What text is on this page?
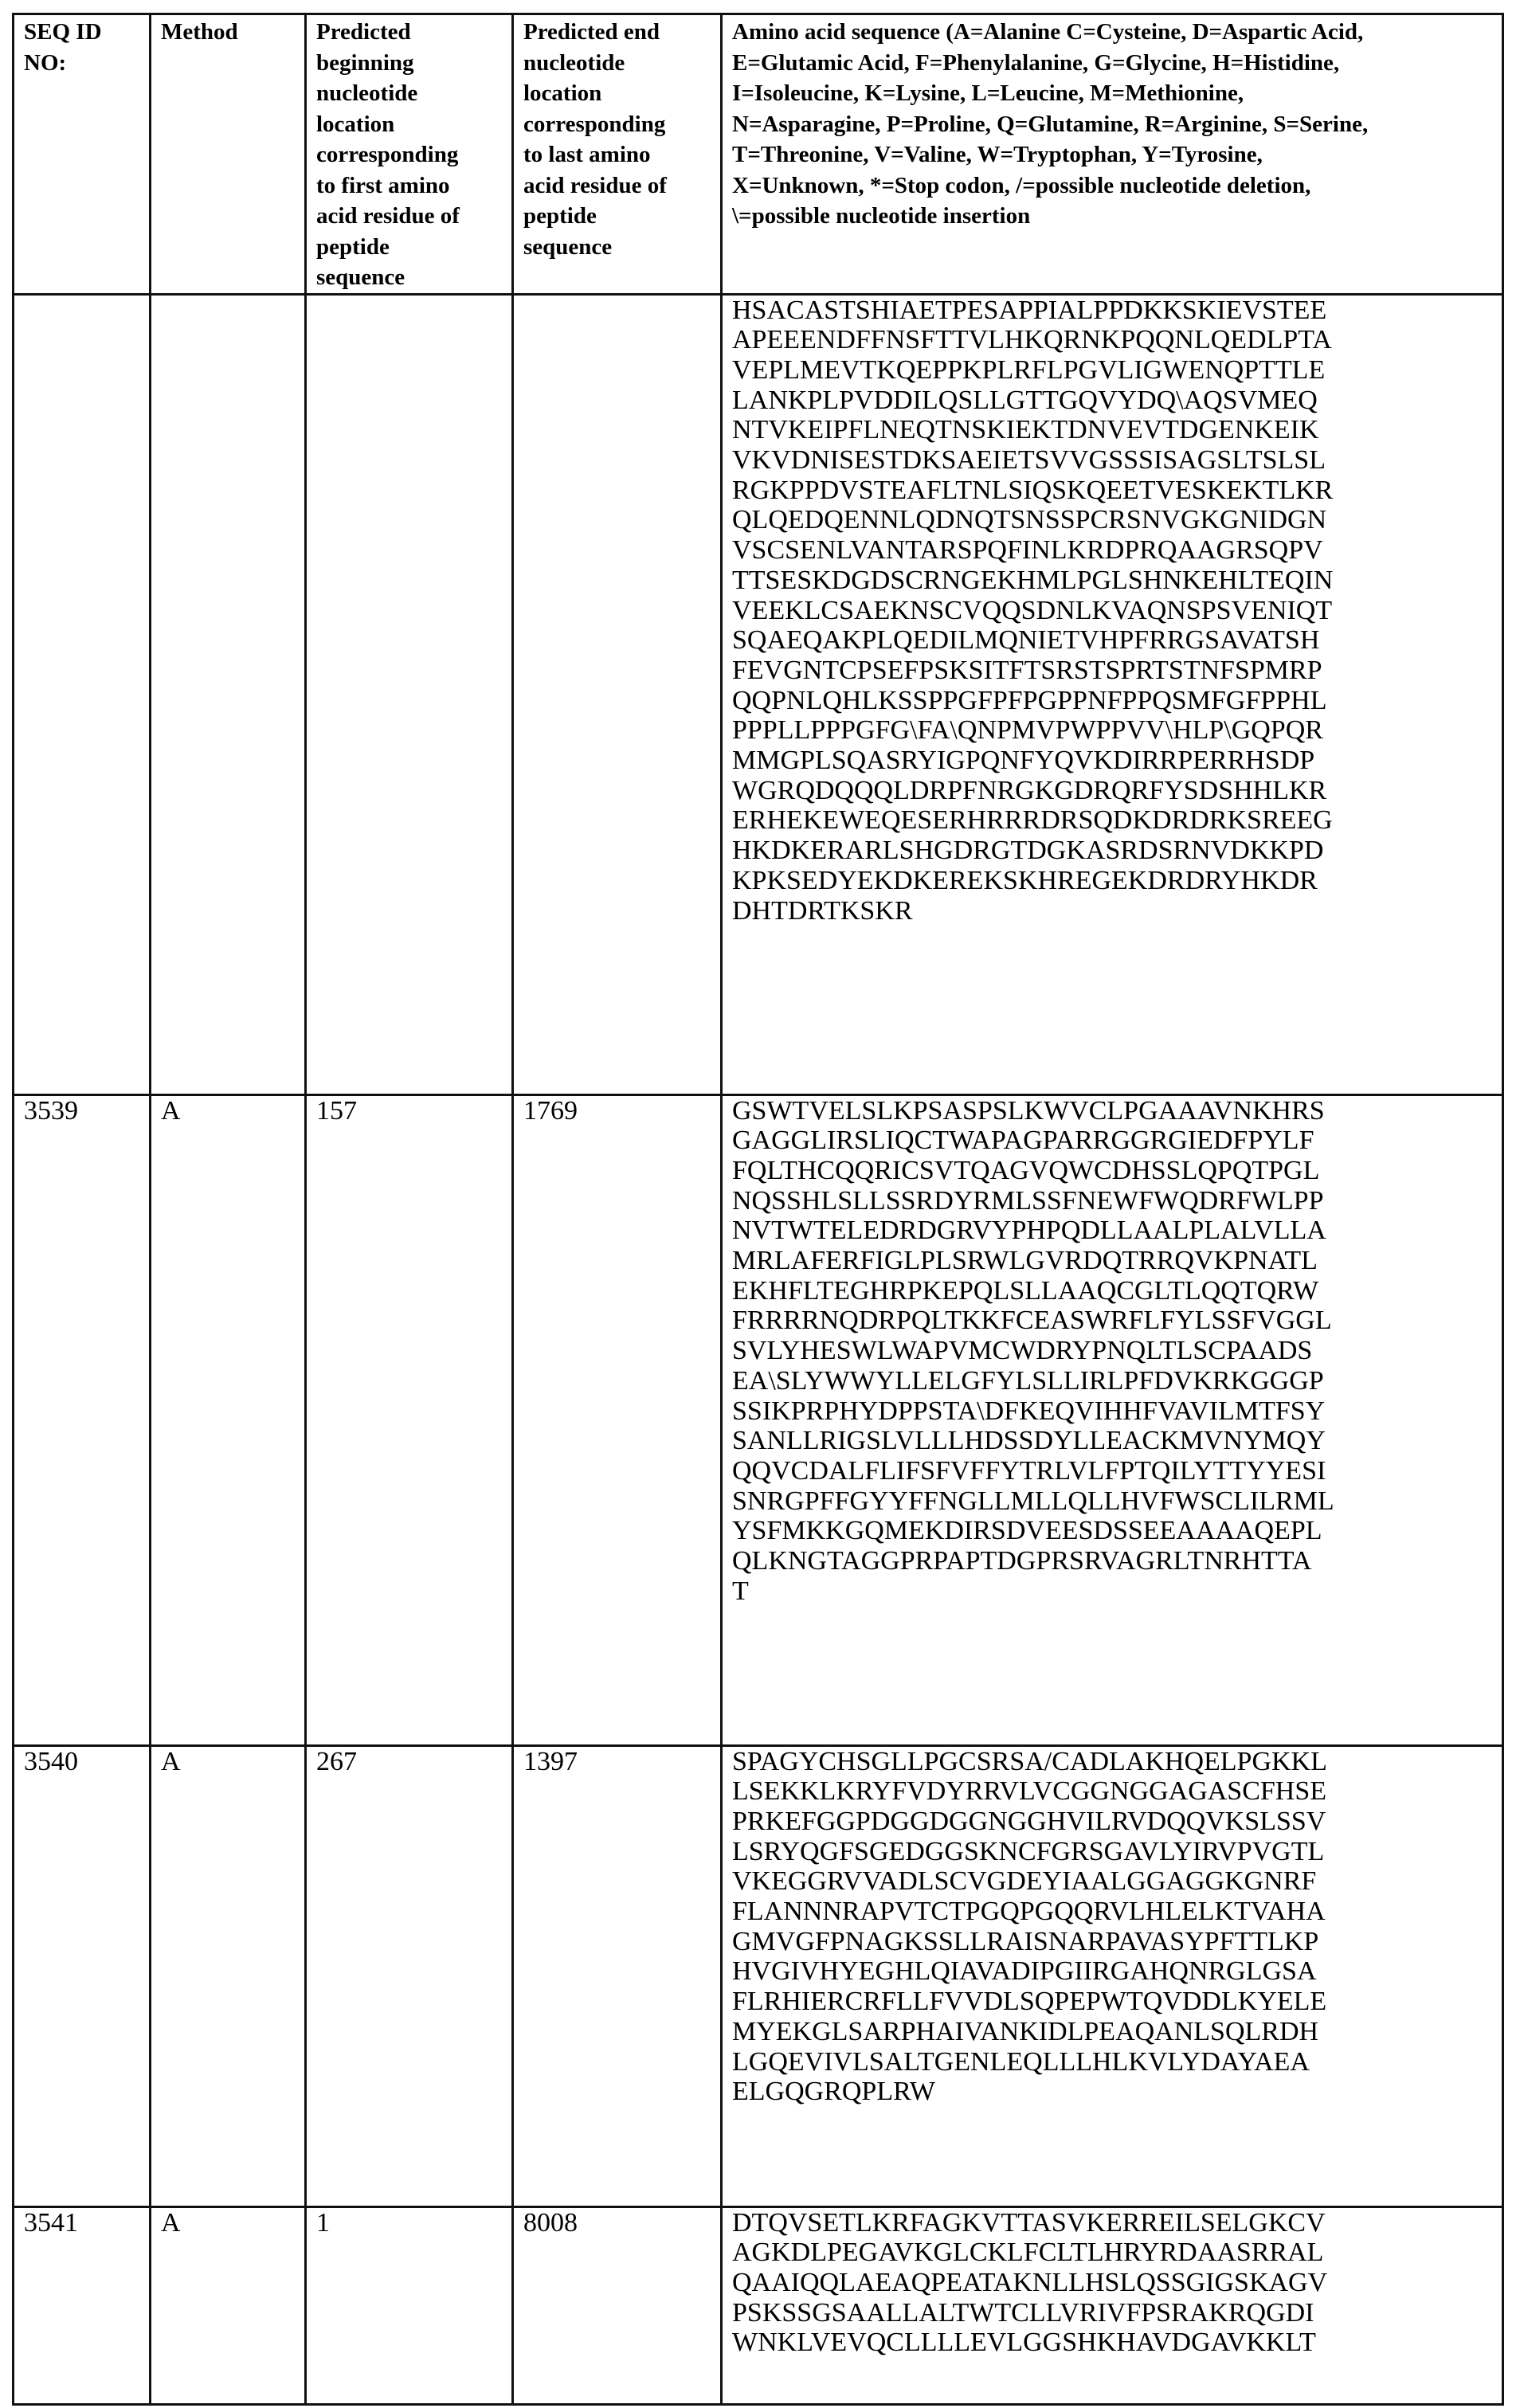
SEQ ID
NO:

Method	Predicted
beginning
nucleotide
location
corresponding
to first amino
acid residue of
peptide
sequence

Predicted end
nucleotide
location
corresponding
to last amino
acid residue of
peptide
sequence

Amino acid sequence (A=Alanine C=Cysteine, D=Aspartic Acid,
E=Glutamic Acid, F=Phenylalanine, G=Glycine, H=Histidine,
I=Isoleucine, K=Lysine, L=Leucine, M=Methionine,
N=Asparagine, P=Proline, Q=Glutamine, R=Arginine, S=Serine,
T=Threonine, V=Valine, W=Tryptophan, Y=Tyrosine,
X=Unknown, *=Stop codon, /=possible nucleotide deletion,
\=possible nucleotide insertion

HSACASTSHIAETPESAPPIALPPDKKSKIEVSTEE
APEEENDFFNSFTTVLHKQRNKPQQNLQEDLPTA
VEPLMEVTKQEPPKPLRFLPGVLIGWENQPTTLE
LANKPLPVDDILQSLLGTTGQVYDQ\AQSVMEQ
NTVKEIPFLNEQTNSKIEKTDNVEVTDGENKEIK
VKVDNISESTDKSAEIETSVVGSSSISAGSLTSLSL
RGKPPDVSTEAFLTNLSIQSKQEETVESKEKTLKR
QLQEDQENNLQDNQTSNSSPCRSNVGKGNIDGN
VSCSENLVANTARSPQFINLKRDPRQAAGRSQPV
TTSESKDGDSCRNGEKHMLPGLSHNKEHLTEQIN
VEEKLCSAEKNSCVQQSDNLKVAQNSPSVENIQT
SQAEQAKPLQEDILMQNIETVHPFRRGSAVATSH
FEVGNTCPSEFPSKSITFTSRSTSPRTSTNFSPMRP
QQPNLQHLKSSPPGFPFPGPPNFPPQSMFGFPPHL
PPPLLPPPGFG\FA\QNPMVPWPPVV\HLP\GQPQR
MMGPLSQASRYIGPQNFYQVKDIRRPERRHSDP
WGRQDQQQLDRPFNRGKGDRQRFYSDSHHLKR
ERHEKEWEQESERHRRRDRSQDKDRDRKSREEG
HKDKERARLSHGDRGTDGKASRDSRNVDKKPD
KPKSEDYEKDKEREKSKHREGEKDRDRYHKDR
DHTDRTKSKR

3539	A	157	1769	GSWTVELSLKPSASPSLKWVCLPGAAAVNKHRS
GAGGLIRSLIQCTWAPAGPARRGGRGIEDFPYLF
FQLTHCQQRICSVTQAGVQWCDHSSLQPQTPGL
NQSSHLSLLSSRDYRMLSSFNEWFWQDRFWLPP
NVTWTELEDRDGRVYPHPQDLLAALPLALVLLA
MRLAFERFIGLPLSRWLGVRDQTRRQVKPNATL
EKHFLTEGHRPKEPQLSLLAAQCGLTLQQTQRW
FRRRRNQDRPQLTKKFCEASWRFLFYLSSFVGGL
SVLYHESWLWAPVMCWDRYPNQLTLSCPAADS
EA\SLYWWYLLELGFYLSLLIRLPFDVKRKGGGP
SSIKPRPHYDPPSTA\DFKEQVIHHFVAVILMTFSY
SANLLRIGSLVLLLHDSSDYLLEACKMVNYMQY
QQVCDALFLIFSFVFFYTRLVLFPTQILYTTYYESI
SNRGPFFGYYFFNGLLMLLQLLHVFWSCLILRML
YSFMKKGQMEKDIRSDVEESDSSEEAAAAQEPL
QLKNGTAGGPRPAPTDGPRSRVAGRLTNRHTTA
T

3540	A	267	1397	SPAGYCHSGLLPGCSRSA/CADLAKHQELPGKKL
LSEKKLKRYFVDYRRVLVCGGNGGAGASCFHSE
PRKEFGGPDGGDGGNGGHVILRVDQQVKSLSSV
LSRYQGFSGEDGGSKNCFGRSGAVLYIRVPVGTL
VKEGGRVVADLSCVGDEYIAALGGAGGKGNRF
FLANNNRAPVTCTPGQPGQQRVLHLELKTVAHA
GMVGFPNAGKSSLLRAISNARPAVASYPFTTLKP
HVGIVHYEGHLQIAVADIPGIIRGAHQNRGLGSA
FLRHIERCRFLLFVVDLSQPEPWTQVDDLKYELE
MYEKGLSARPHAIVANKIDLPEAQANLSQLRDH
LGQEVIVLSALTGENLEQLLLHLKVLYDAYAEA
ELGQGRQPLRW

3541	A	1	8008	DTQVSETLKRFAGKVTTASVKERREILSELGKCV
AGKDLPEGAVKGLCKLFCLTLHRYRDAASRRAL
QAAIQQLAEAQPEATAKNLLHSLQSSGIGSKAGV
PSKSSGSAALLALTWTCLLVRIVFPSRAKRQGDI
WNKLVEVQCLLLLEVLGGSHKHAVDGAVKKLT
